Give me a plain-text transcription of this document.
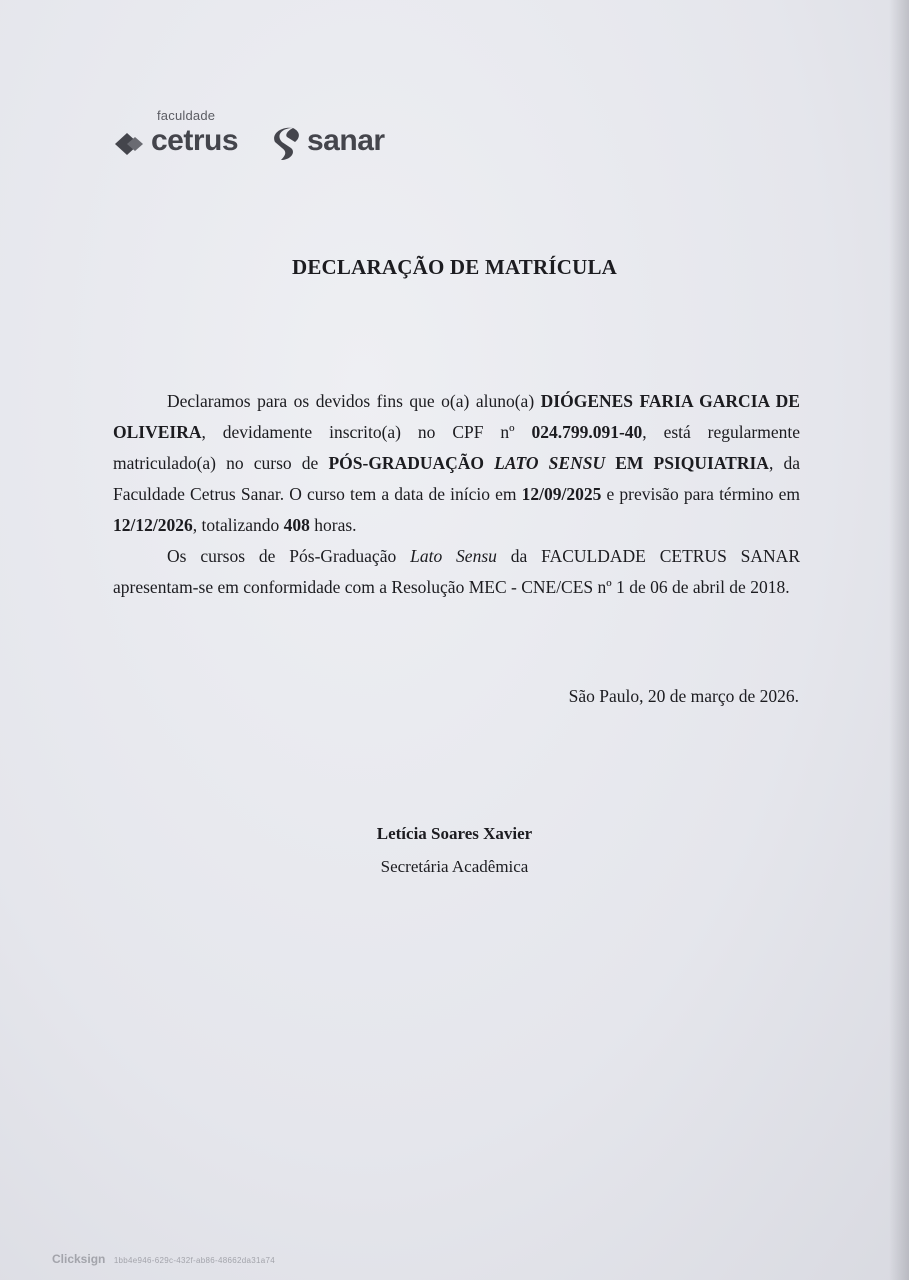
faculdade
cetrus sanar
DECLARAÇÃO DE MATRÍCULA

Declaramos para os devidos fins que o(a) aluno(a) DIÓGENES FARIA GARCIA DE OLIVEIRA, devidamente inscrito(a) no CPF nº 024.799.091-40, está regularmente matriculado(a) no curso de PÓS-GRADUAÇÃO LATO SENSU EM PSIQUIATRIA, da Faculdade Cetrus Sanar. O curso tem a data de início em 12/09/2025 e previsão para término em 12/12/2026, totalizando 408 horas.

Os cursos de Pós-Graduação Lato Sensu da FACULDADE CETRUS SANAR apresentam-se em conformidade com a Resolução MEC - CNE/CES nº 1 de 06 de abril de 2018.

São Paulo, 20 de março de 2026.
Letícia Soares Xavier
Secretária Acadêmica
Clicksign 1bb4e946-629c-432f-ab86-48662da31a74
